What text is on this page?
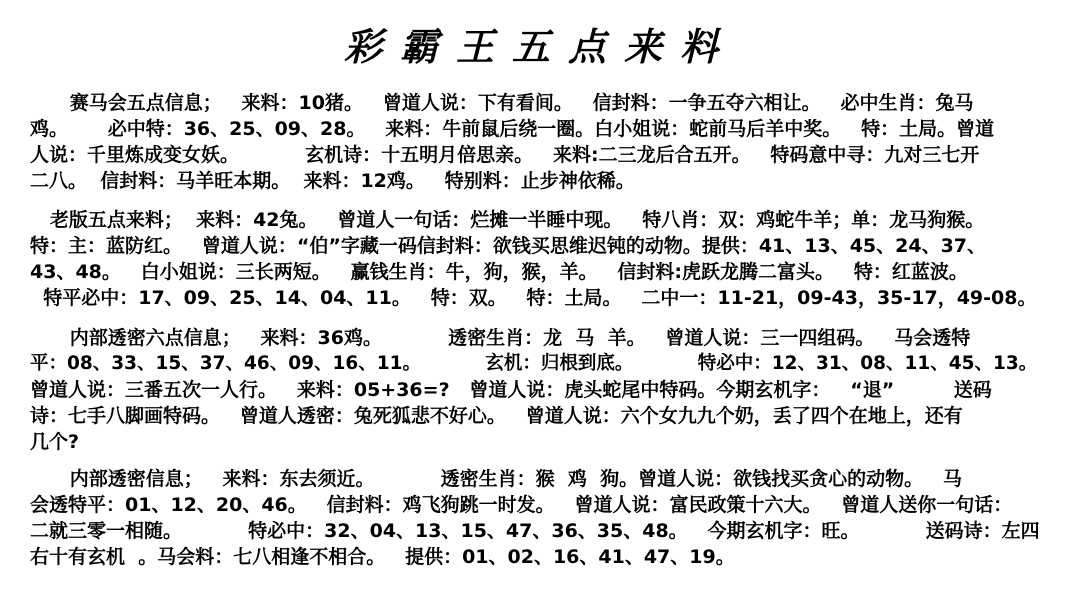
彩霸王五点来料
赛马会五点信息；   来料：10猪。   曾道人说：下有看间。   信封料：一争五夺六相让。   必中生肖：兔马
鸡。      必中特：36、25、09、28。   来料：牛前鼠后绕一圈。白小姐说：蛇前马后羊中奖。   特：土局。曾道
人说：千里炼成变女妖。          玄机诗：十五明月倍思亲。   来料:二三龙后合五开。   特码意中寻：九对三七开
二八。  信封料：马羊旺本期。  来料：12鸡。   特别料：止步神依稀。
老版五点来料；  来料：42兔。   曾道人一句话：烂摊一半睡中现。   特八肖：双：鸡蛇牛羊；单：龙马狗猴。
特：主：蓝防红。   曾道人说：“伯”字藏一码信封料：欲钱买思维迟钝的动物。提供：41、13、45、24、37、
43、48。   白小姐说：三长两短。   赢钱生肖：牛，狗，猴，羊。   信封料:虎跃龙腾二富头。   特：红蓝波。
特平必中：17、09、25、14、04、11。   特：双。   特：土局。   二中一：11-21，09-43，35-17，49-08。
内部透密六点信息；   来料：36鸡。          透密生肖：龙  马  羊。   曾道人说：三一四组码。   马会透特
平：08、33、15、37、46、09、16、11。          玄机：归根到底。          特必中：12、31、08、11、45、13。
曾道人说：三番五次一人行。   来料：05+36=?   曾道人说：虎头蛇尾中特码。今期玄机字：   “退”         送码
诗：七手八脚画特码。   曾道人透密：兔死狐悲不好心。   曾道人说：六个女九九个奶，丢了四个在地上，还有
几个?
内部透密信息；   来料：东去须近。          透密生肖：猴  鸡  狗。曾道人说：欲钱找买贪心的动物。   马
会透特平：01、12、20、46。   信封料：鸡飞狗跳一时发。   曾道人说：富民政策十六大。   曾道人送你一句话：
二就三零一相随。          特必中：32、04、13、15、47、36、35、48。   今期玄机字：旺。          送码诗：左四
右十有玄机  。马会料：七八相逢不相合。   提供：01、02、16、41、47、19。
